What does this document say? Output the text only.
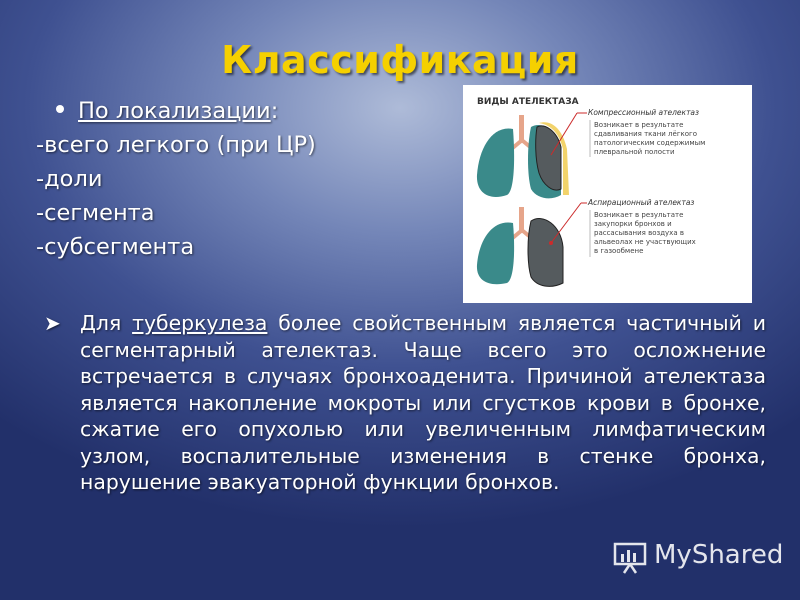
Классификация
По локализации:
-всего легкого (при ЦР)
-доли
-сегмента
-субсегмента
ВИДЫ АТЕЛЕКТАЗА
Компрессионный ателектаз
Возникает в результате
сдавливания ткани лёгкого
патологическим содержимым
плевральной полости
Аспирационный ателектаз
Возникает в результате
закупорки бронхов и
рассасывания воздуха в
альвеолах не участвующих
в газообмене
➤ Для туберкулеза более свойственным является частичный и сегментарный ателектаз. Чаще всего это осложнение встречается в случаях бронхоаденита. Причиной ателектаза является накопление мокроты или сгустков крови в бронхе, сжатие его опухолью или увеличенным лимфатическим узлом, воспалительные изменения в стенке бронха, нарушение эвакуаторной функции бронхов.
MyShared
